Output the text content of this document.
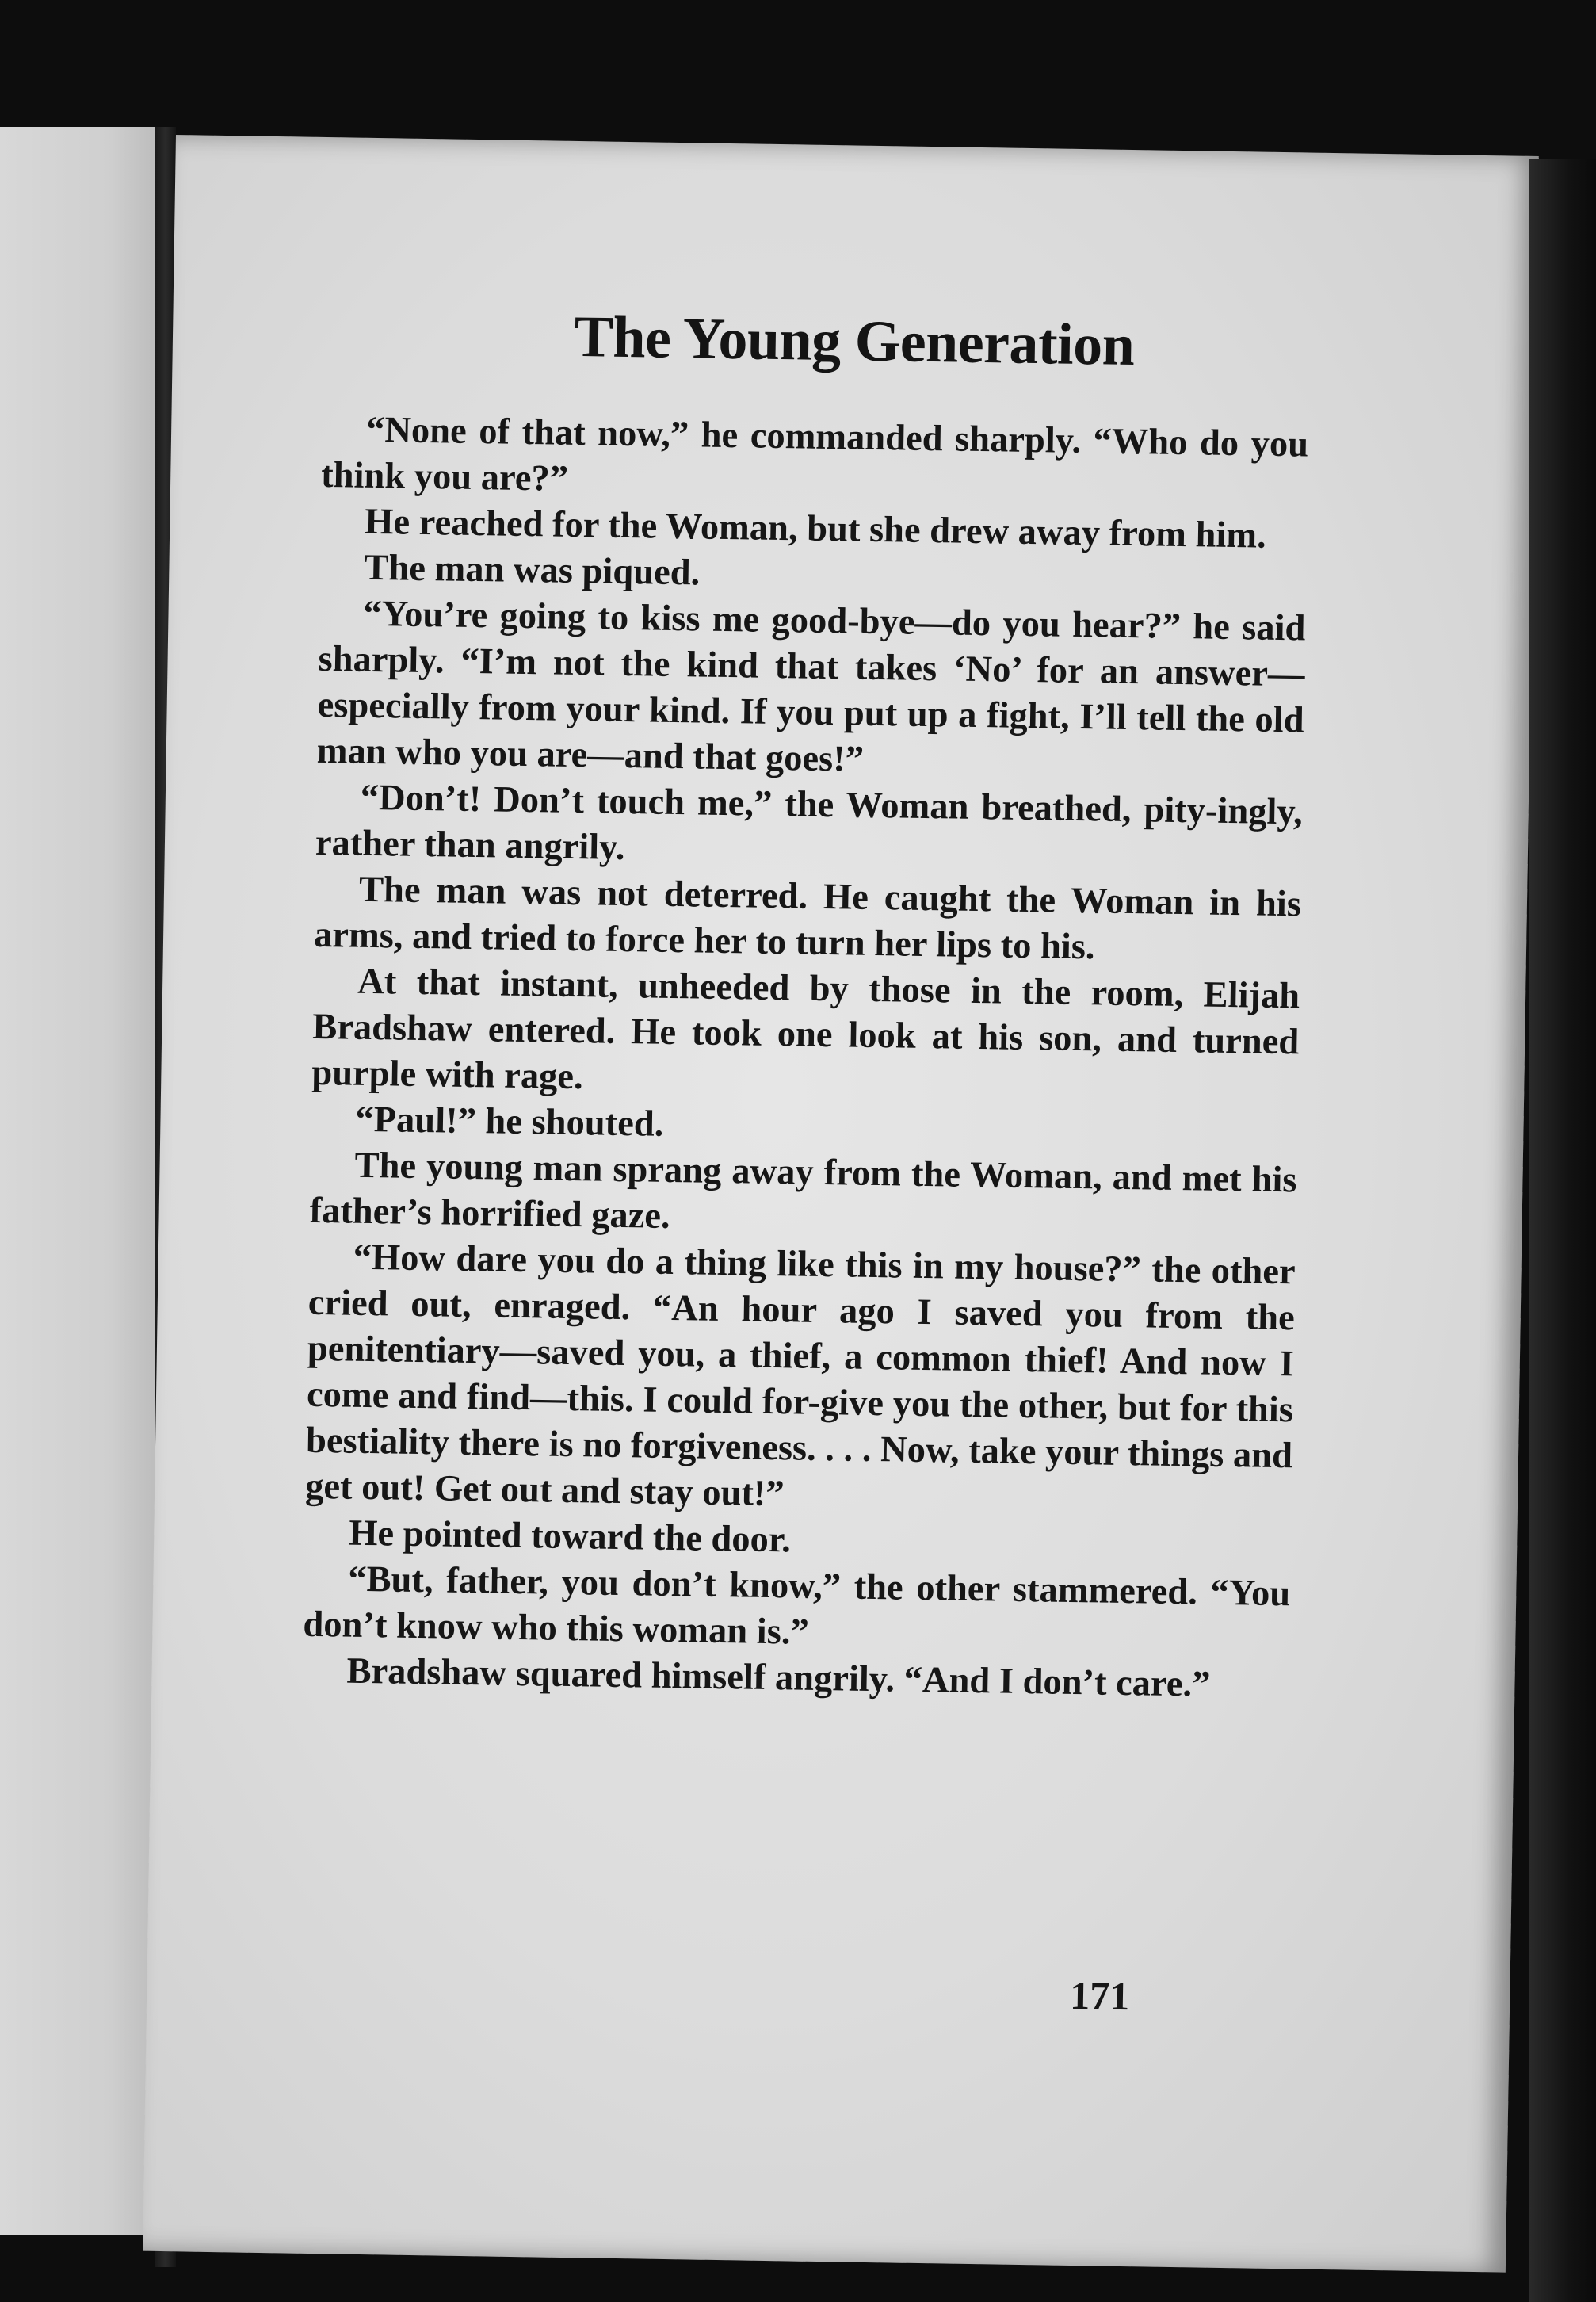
The Young Generation

“None of that now,” he commanded sharply. “Who do you think you are?”

He reached for the Woman, but she drew away from him.

The man was piqued.

“You’re going to kiss me good-bye—do you hear?” he said sharply. “I’m not the kind that takes ‘No’ for an answer—especially from your kind. If you put up a fight, I’ll tell the old man who you are—and that goes!”

“Don’t! Don’t touch me,” the Woman breathed, pity-ingly, rather than angrily.

The man was not deterred. He caught the Woman in his arms, and tried to force her to turn her lips to his.

At that instant, unheeded by those in the room, Elijah Bradshaw entered. He took one look at his son, and turned purple with rage.

“Paul!” he shouted.

The young man sprang away from the Woman, and met his father’s horrified gaze.

“How dare you do a thing like this in my house?” the other cried out, enraged. “An hour ago I saved you from the penitentiary—saved you, a thief, a common thief! And now I come and find—this. I could for-give you the other, but for this bestiality there is no forgiveness. . . . Now, take your things and get out! Get out and stay out!”

He pointed toward the door.

“But, father, you don’t know,” the other stammered. “You don’t know who this woman is.”

Bradshaw squared himself angrily. “And I don’t care.”

171
